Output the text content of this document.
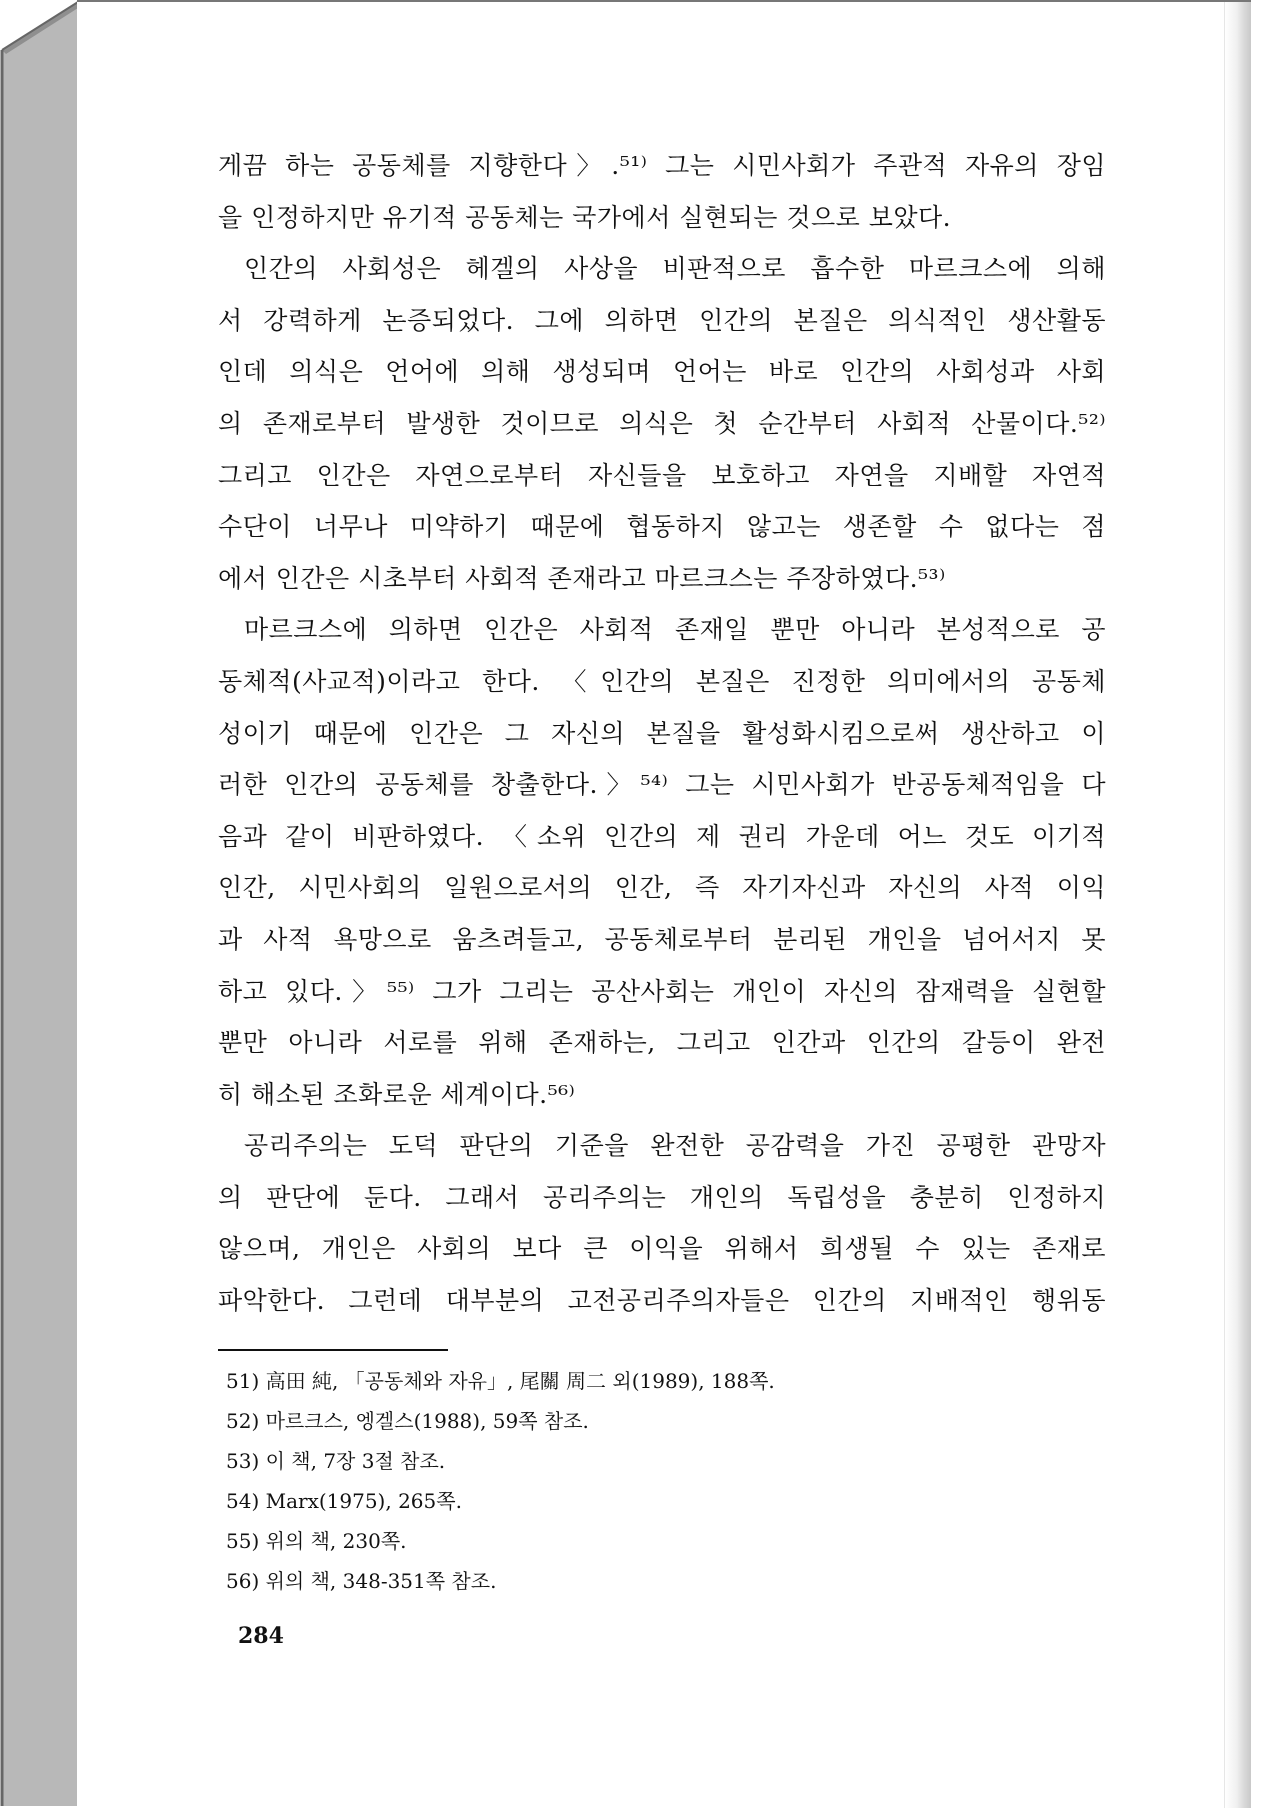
게끔 하는 공동체를 지향한다〉.⁵¹⁾ 그는 시민사회가 주관적 자유의 장임
을 인정하지만 유기적 공동체는 국가에서 실현되는 것으로 보았다.
인간의 사회성은 헤겔의 사상을 비판적으로 흡수한 마르크스에 의해
서 강력하게 논증되었다. 그에 의하면 인간의 본질은 의식적인 생산활동
인데 의식은 언어에 의해 생성되며 언어는 바로 인간의 사회성과 사회
의 존재로부터 발생한 것이므로 의식은 첫 순간부터 사회적 산물이다.⁵²⁾
그리고 인간은 자연으로부터 자신들을 보호하고 자연을 지배할 자연적
수단이 너무나 미약하기 때문에 협동하지 않고는 생존할 수 없다는 점
에서 인간은 시초부터 사회적 존재라고 마르크스는 주장하였다.⁵³⁾
마르크스에 의하면 인간은 사회적 존재일 뿐만 아니라 본성적으로 공
동체적(사교적)이라고 한다. 〈인간의 본질은 진정한 의미에서의 공동체
성이기 때문에 인간은 그 자신의 본질을 활성화시킴으로써 생산하고 이
러한 인간의 공동체를 창출한다.〉⁵⁴⁾ 그는 시민사회가 반공동체적임을 다
음과 같이 비판하였다. 〈소위 인간의 제 권리 가운데 어느 것도 이기적
인간, 시민사회의 일원으로서의 인간, 즉 자기자신과 자신의 사적 이익
과 사적 욕망으로 움츠려들고, 공동체로부터 분리된 개인을 넘어서지 못
하고 있다.〉⁵⁵⁾ 그가 그리는 공산사회는 개인이 자신의 잠재력을 실현할
뿐만 아니라 서로를 위해 존재하는, 그리고 인간과 인간의 갈등이 완전
히 해소된 조화로운 세계이다.⁵⁶⁾
공리주의는 도덕 판단의 기준을 완전한 공감력을 가진 공평한 관망자
의 판단에 둔다. 그래서 공리주의는 개인의 독립성을 충분히 인정하지
않으며, 개인은 사회의 보다 큰 이익을 위해서 희생될 수 있는 존재로
파악한다. 그런데 대부분의 고전공리주의자들은 인간의 지배적인 행위동
51) 高田 純, 「공동체와 자유」, 尾關 周二 외(1989), 188쪽.
52) 마르크스, 엥겔스(1988), 59쪽 참조.
53) 이 책, 7장 3절 참조.
54) Marx(1975), 265쪽.
55) 위의 책, 230쪽.
56) 위의 책, 348-351쪽 참조.
284
